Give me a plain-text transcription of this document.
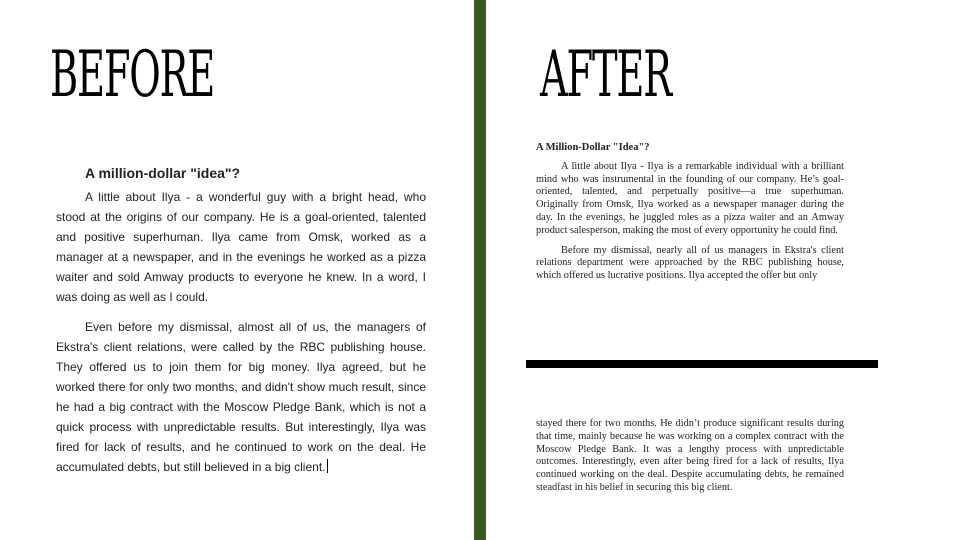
BEFORE	AFTER
A million-dollar "idea"?

A little about Ilya - a wonderful guy with a bright head, who stood at the origins of our company. He is a goal-oriented, talented and positive superhuman. Ilya came from Omsk, worked as a manager at a newspaper, and in the evenings he worked as a pizza waiter and sold Amway products to everyone he knew. In a word, I was doing as well as I could.

Even before my dismissal, almost all of us, the managers of Ekstra's client relations, were called by the RBC publishing house. They offered us to join them for big money. Ilya agreed, but he worked there for only two months, and didn't show much result, since he had a big contract with the Moscow Pledge Bank, which is not a quick process with unpredictable results. But interestingly, Ilya was fired for lack of results, and he continued to work on the deal. He accumulated debts, but still believed in a big client.

A Million-Dollar "Idea"?

A little about Ilya - Ilya is a remarkable individual with a brilliant mind who was instrumental in the founding of our company. He’s goal-oriented, talented, and perpetually positive—a true superhuman. Originally from Omsk, Ilya worked as a newspaper manager during the day. In the evenings, he juggled roles as a pizza waiter and an Amway product salesperson, making the most of every opportunity he could find.

Before my dismissal, nearly all of us managers in Ekstra's client relations department were approached by the RBC publishing house, which offered us lucrative positions. Ilya accepted the offer but only

stayed there for two months. He didn’t produce significant results during that time, mainly because he was working on a complex contract with the Moscow Pledge Bank. It was a lengthy process with unpredictable outcomes. Interestingly, even after being fired for a lack of results, Ilya continued working on the deal. Despite accumulating debts, he remained steadfast in his belief in securing this big client.
